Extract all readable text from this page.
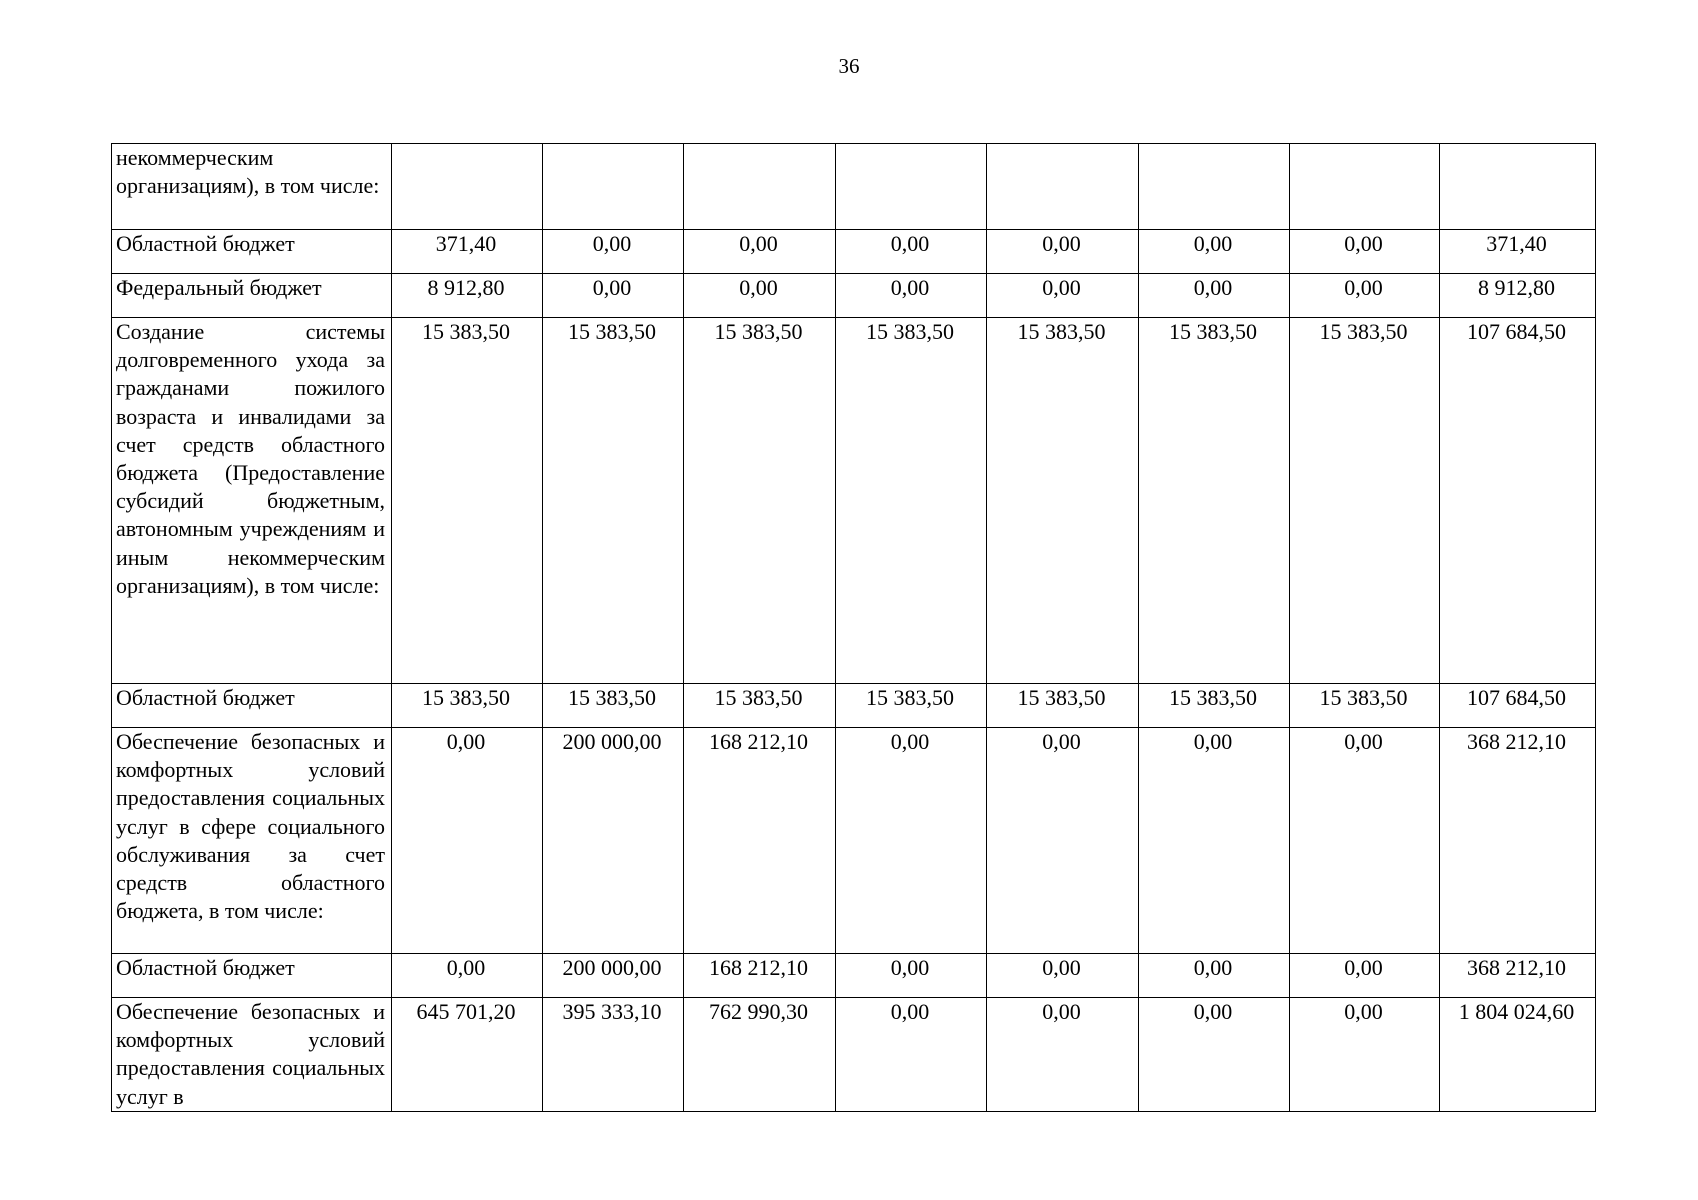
36
некоммерческим организациям), в том числе:								
Областной бюджет	371,40	0,00	0,00	0,00	0,00	0,00	0,00	371,40
Федеральный бюджет	8 912,80	0,00	0,00	0,00	0,00	0,00	0,00	8 912,80
Создание системы долговременного ухода за гражданами пожилого возраста и инвалидами за счет средств областного бюджета (Предоставление субсидий бюджетным, автономным учреждениям и иным некоммерческим организациям), в том числе:	15 383,50	15 383,50	15 383,50	15 383,50	15 383,50	15 383,50	15 383,50	107 684,50
Областной бюджет	15 383,50	15 383,50	15 383,50	15 383,50	15 383,50	15 383,50	15 383,50	107 684,50
Обеспечение безопасных и комфортных условий предоставления социальных услуг в сфере социального обслуживания за счет средств областного бюджета, в том числе:	0,00	200 000,00	168 212,10	0,00	0,00	0,00	0,00	368 212,10
Областной бюджет	0,00	200 000,00	168 212,10	0,00	0,00	0,00	0,00	368 212,10
Обеспечение безопасных и комфортных условий предоставления социальных услуг в	645 701,20	395 333,10	762 990,30	0,00	0,00	0,00	0,00	1 804 024,60
